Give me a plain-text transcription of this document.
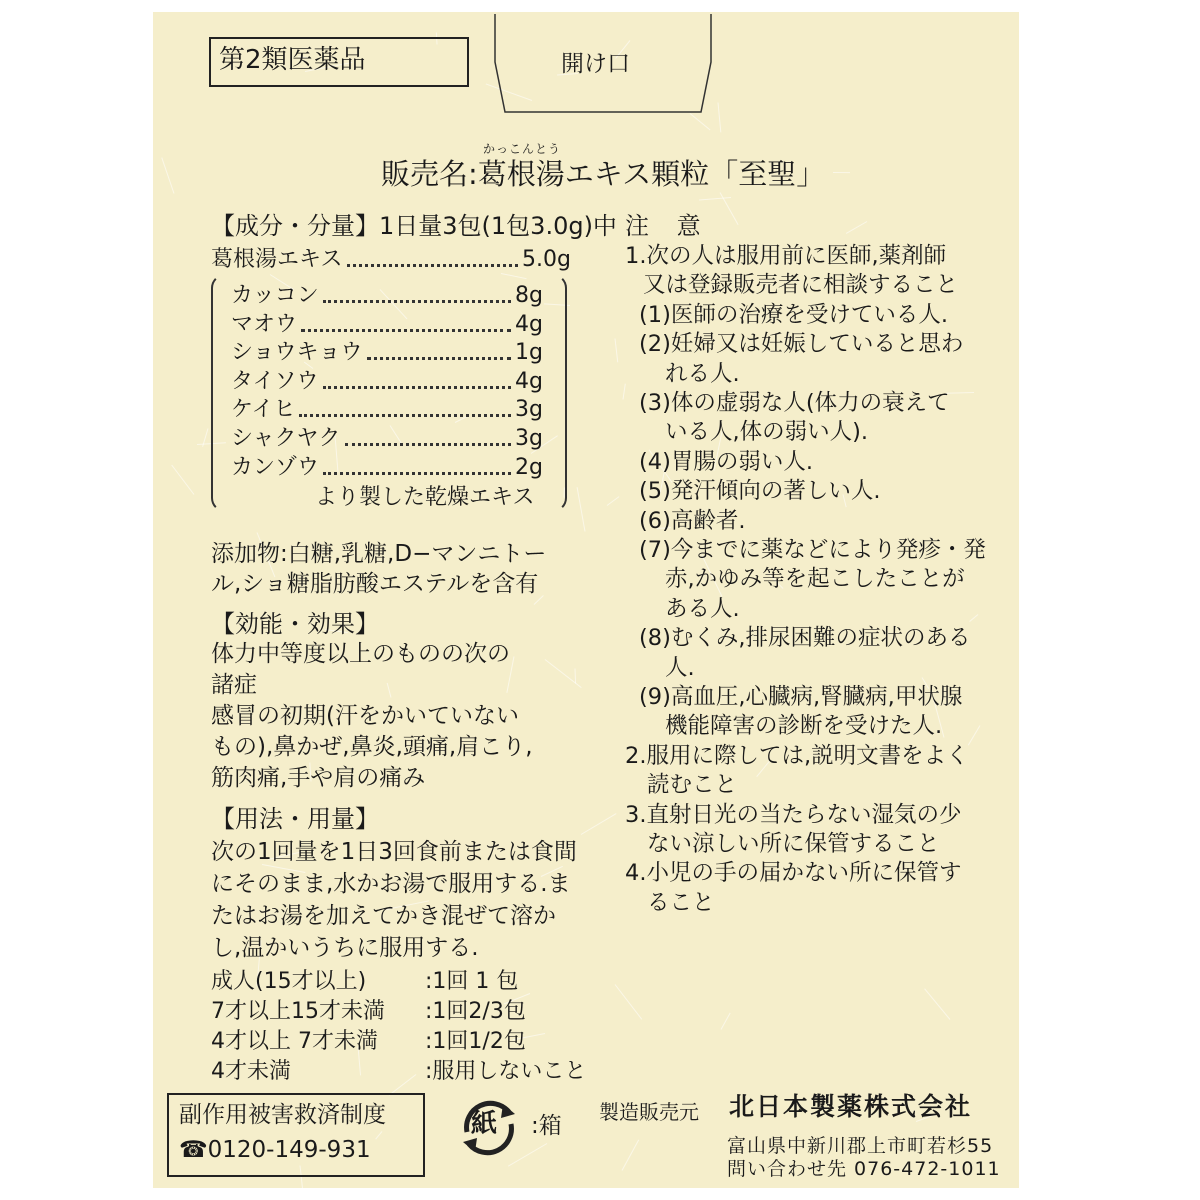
第2類医薬品	開け口
かっこんとう
販売名:葛根湯エキス顆粒「至聖」
【成分・分量】1日量3包(1包3.0g)中
葛根湯エキス	5.0g
カッコン	8g
マオウ	4g
ショウキョウ	1g
タイソウ	4g
ケイヒ	3g
シャクヤク	3g
カンゾウ	2g
より製した乾燥エキス
添加物:白糖,乳糖,D−マンニトー
ル,ショ糖脂肪酸エステルを含有
【効能・効果】
体力中等度以上のものの次の
諸症
感冒の初期(汗をかいていない
もの),鼻かぜ,鼻炎,頭痛,肩こり,
筋肉痛,手や肩の痛み
【用法・用量】
次の1回量を1日3回食前または食間
にそのまま,水かお湯で服用する.ま
たはお湯を加えてかき混ぜて溶か
し,温かいうちに服用する.
成人(15才以上)	:1回 1 包
7才以上15才未満 :1回2/3包
4才以上 7才未満 :1回1/2包
4才未満	:服用しないこと
注 意
1.次の人は服用前に医師,薬剤師
又は登録販売者に相談すること
(1)医師の治療を受けている人.
(2)妊婦又は妊娠していると思わ
れる人.
(3)体の虚弱な人(体力の衰えて
いる人,体の弱い人).
(4)胃腸の弱い人.
(5)発汗傾向の著しい人.
(6)高齢者.
(7)今までに薬などにより発疹・発
赤,かゆみ等を起こしたことが
ある人.
(8)むくみ,排尿困難の症状のある
人.
(9)高血圧,心臓病,腎臓病,甲状腺
機能障害の診断を受けた人.
2.服用に際しては,説明文書をよく
読むこと
3.直射日光の当たらない湿気の少
ない涼しい所に保管すること
4.小児の手の届かない所に保管す
ること
副作用被害救済制度
☎0120-149-931
紙 :箱
製造販売元 北日本製薬株式会社
富山県中新川郡上市町若杉55
問い合わせ先 076-472-1011
